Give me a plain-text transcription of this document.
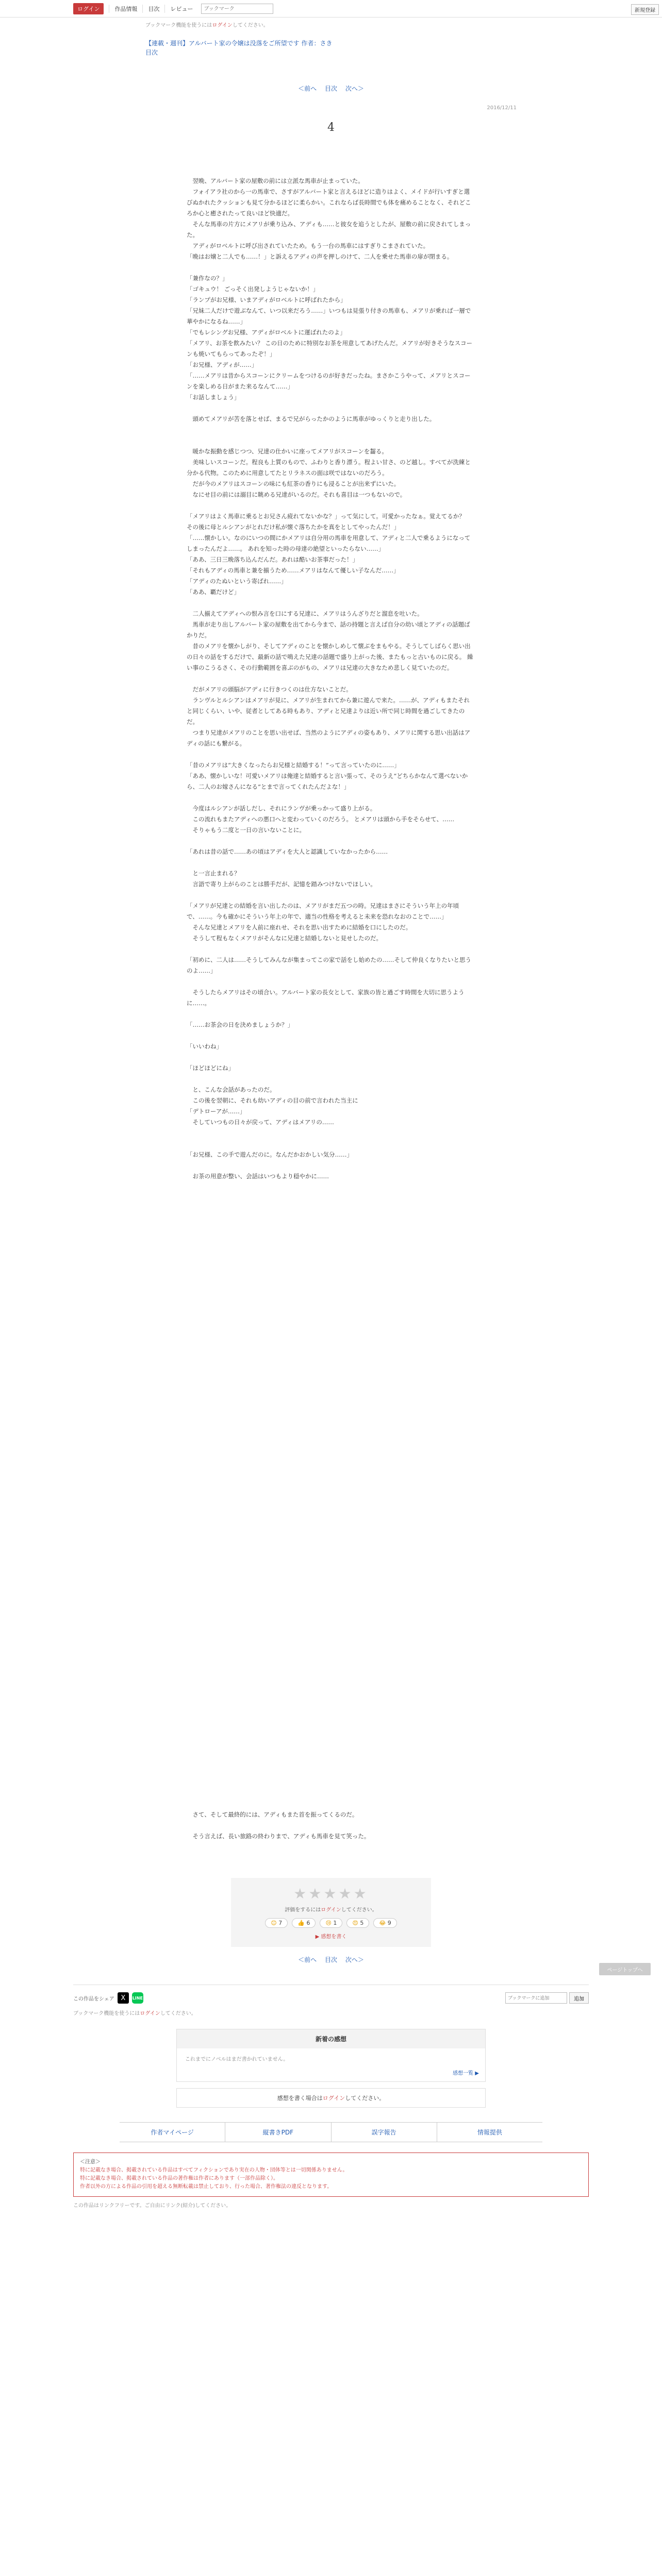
ログイン	作品情報	目次	レビュー
ブックマーク	新規登録
ブックマーク機能を使うにはログインしてください。
【連載・週刊】アルバート家の令嬢は没落をご所望です 作者：さき
目次
＜前へ 目次 次へ＞
2016/12/11
4

　翌晩、アルバート家の屋敷の前には立派な馬車が止まっていた。

　フォイアラ社のから一の馬車で、さすがアルバート家と言えるほどに造りはよく、メイドが行いすぎと選びぬかれたクッションも見て分かるほどに柔らかい。これならば長時間でも体を痛めることなく、それどころか心と癒されたって良いほど快適だ。

　そんな馬車の片方にメアリが乗り込み、アディも……と彼女を追うとしたが、屋敷の前に戻されてしまった。

　アディがロベルトに呼び出されていたため。もう一台の馬車にはすぎりこまされていた。

「晩はお嬢と二人でも……！」と訴えるアディの声を押しのけて、二人を乗せた馬車の扉が閉まる。

「兼作なの？」

「ゴキュウ！ ごっそく出発しようじゃないか！」

「ランプがお兄様、いまアディがロベルトに呼ばれたから」

「兄妹二人だけで遊ぶなんて、いつ以来だろう……」いつもは見張り付きの馬車も、メアリが乗れば一層で華やかになるね……」

「でもレシングお兄様、アディがロベルトに運ばれたのよ」

「メアリ、お茶を飲みたい？ この日のために特別なお茶を用意してあげたんだ。メアリが好きそうなスコーンも焼いてもらってあったぞ！」

「お兄様、アディが……」

「……メアリは昔からスコーンにクリームをつけるのが好きだったね。まさかこうやって、メアリとスコーンを楽しめる日がまた来るなんて……」

「お話しましょう」

　頭めてメアリが苦を落とせば、まるで兄がらったかのように馬車がゆっくりと走り出した。

　暖かな振動を感じつつ、兄達の仕かいに座ってメアリがスコーンを齧る。

　美味しいスコーンだ。程良も上質のもので、ふわりと香り漂う。程よい甘さ、のど越し。すべてが洗練と分かる代物。このために用意してたとリラネスの面は咲ではないのだろう。

　だが今のメアリはスコーンの味にも紅茶の香りにも浸ることが出来ずにいた。

　なにせ目の前には溺目に眺める兄達がいるのだ。それも喜目は一つもないので。

「メアリはよく馬車に乗るとお兄さん疲れてないかな？」って気にして。可愛かったなぁ。覚えてるか？　その後に母とルシアンがとれだけ私が懐ぐ落ちたかを真をとしてやったんだ！」

「……懐かしい。なのにいつの間にかメアリは自分用の馬車を用意して、アディと二人で乗るようになってしまったんだよ……。 あれを知った時の母達の絶望といったらない……」

「ああ、三日三晩落ち込んだんだ。あれは酷いお茶事だった！」

「それもアディの馬車と兼を揃うため……メアリはなんて優しい子なんだ……」

「アディのたぬいという寄ばれ……」

「ああ、覇だけど」

　二人揃えてアディへの恨み言を口にする兄達に、メアリはうんざりだと溜息を吐いた。

　馬車が走り出しアルバート家の屋敷を出てから今まで、話の持題と言えば自分の幼い頃とアディの話題ばかりだ。

　昔のメアリを懐かしがり、そしてアディのことを懐かしめして懐ぶをまもやる。そうしてしばらく思い出の日々の話をするだけで、最新の話で鳴えた兄達の話題で盛り上がった後、またもっと古いものに戻る。 繰い事のこうるさく、その行動範囲を喜ぶのがもの、メアリは兄達の大きなため悲しく見ていたのだ。

　だがメアリの頭脳がアディに行きつくのは仕方ないことだ。

　ランヴルとルシアンはメアリが見に、メアリが生まれてから兼に遊んで来た。……が、アディもまたそれと同じくらい、いや、従者としてある時もあり、アディと兄達よりは近い所で同じ時間を過ごしてきたのだ。

　つまり兄達がメアリのことを思い出せば、当然のようにアディの姿もあり、メアリに関する思い出話はアディの話にも繋がる。

「昔のメアリは“大きくなったらお兄様と結婚する！”って言っていたのに……」

「ああ、懐かしいな！可愛いメアリは俺達と結婚すると言い張って、そのうえ“どちらかなんて選べないから、二人のお嫁さんになる”とまで言ってくれたんだよな！」

　今度はルシアンが話しだし、それにランヴが乗っかって盛り上がる。

　この流れもまたアディへの悪口へと変わっていくのだろう。 とメアリは頭から手をそらせて、……

　そりゃもう二度と一日の言いないことに。

「あれは昔の話で……あの頃はアディを大人と認識していなかったから……

　と一言止まれる？

　言語で寄り上がらのことは勝手だが、記憶を踏みつけないでほしい。

「メアリが兄達との結婚を言い出したのは、メアリがまだ五つの時。兄達はまさにそういう年上の年頃で、……。今も確かにそういう年上の年で、適当の性格を考えると未来を恐れなおのことで……」

　そんな兄達とメアリを人前に座れせ、それを思い出すために結婚を口にしたのだ。

　そうして程もなくメアリがそんなに兄達と結婚しないと見せしたのだ。

「初めに、二人は……そうしてみんなが集まってこの家で話をし始めたの……そして仲良くなりたいと思うのよ……」

　そうしたらメアリはその頃合い。アルバート家の長女として、家族の皆と過ごす時間を大切に思うように……。

「……お茶会の日を決めましょうか？」

「いいわね」

「ほどほどにね」

　と、こんな会話があったのだ。

　この後を翌朝に、それも幼いアディの目の前で言われた当主に

「デトローアが……」

　そしていつもの日々が戻って、アディはメアリの……

「お兄様、この手で遊んだのに。なんだかおかしい気分……」

　お茶の用意が整い、会話はいつもより穏やかに……

　さて、そして最終的には、アディもまた首を振ってくるのだ。

　そう言えば、長い旅路の終わりまで、アディも馬車を見て笑った。

ページトップへ
★★★★★
評価をするにはログインしてください。
😊 7	👍 6	😢 1	😍 5	😂 9
▶ 感想を書く
＜前へ 目次 次へ＞
この作品をシェア X	LINE
ブックマークに追加	追加
ブックマーク機能を使うにはログインしてください。
新着の感想
これまでにノベルはまだ書かれていません。
感想一覧 ▶
感想を書く場合はログインしてください。
作者マイページ	縦書きPDF	誤字報告	情報提供
＜注意＞
特に記載なき場合、掲載されている作品はすべてフィクションであり実在の人物・団体等とは一切関係ありません。
特に記載なき場合、掲載されている作品の著作権は作者にあります（一部作品除く）。
作者以外の方による作品の引用を超える無断転載は禁止しており、行った場合、著作権法の違反となります。
この作品はリンクフリーです。ご自由にリンク(紹介)してください。
